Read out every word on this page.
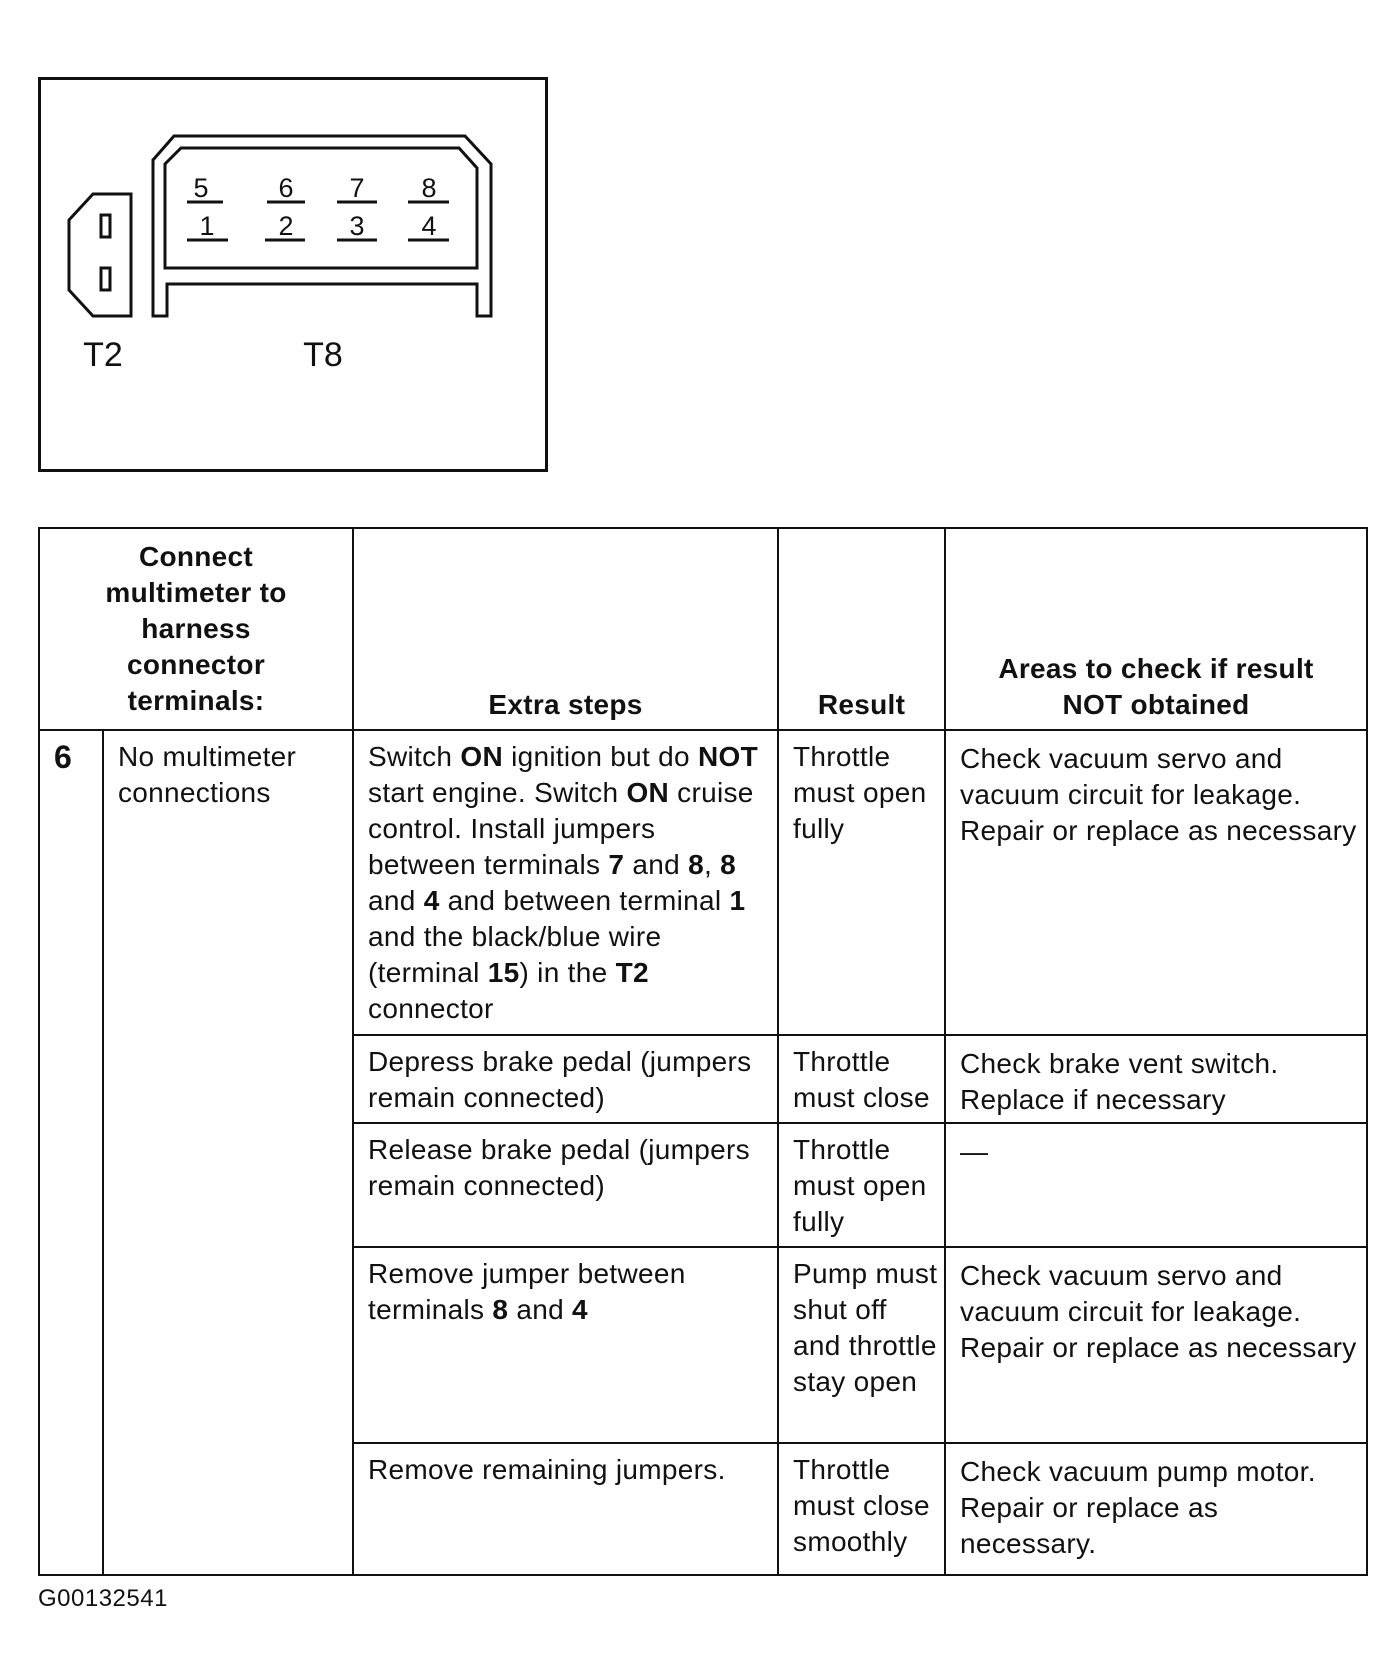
5	6 7 8
1 2 3 4
T2	T8
Connect multimeter to harness connector terminals:		Extra steps	Result	Areas to check if result NOT obtained
6	No multimeter connections	Switch ON ignition but do NOT start engine. Switch ON cruise control. Install jumpers between terminals 7 and 8, 8 and 4 and between terminal 1 and the black/blue wire (terminal 15) in the T2 connector	Throttle must open fully	Check vacuum servo and vacuum circuit for leakage. Repair or replace as necessary
		Depress brake pedal (jumpers remain connected)	Throttle must close	Check brake vent switch. Replace if necessary
		Release brake pedal (jumpers remain connected)	Throttle must open fully	—
		Remove jumper between terminals 8 and 4	Pump must shut off and throttle stay open	Check vacuum servo and vacuum circuit for leakage. Repair or replace as necessary
		Remove remaining jumpers.	Throttle must close smoothly	Check vacuum pump motor. Repair or replace as necessary.
G00132541
